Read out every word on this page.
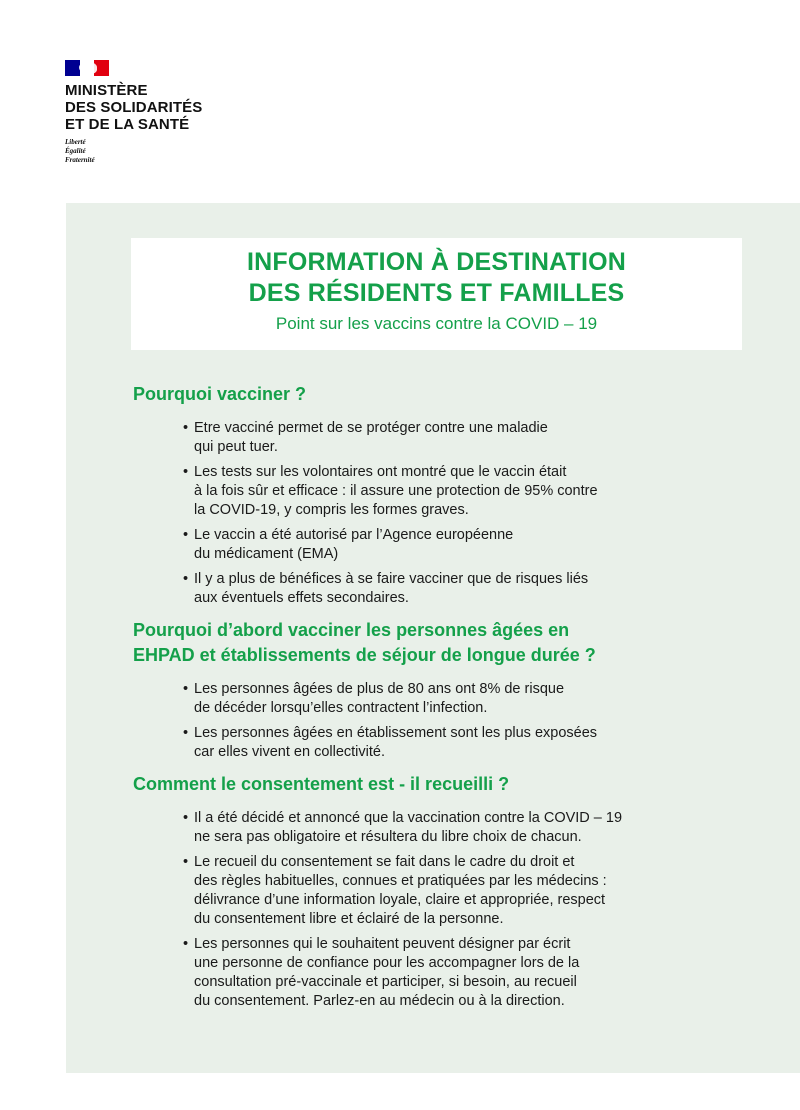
MINISTÈRE
DES SOLIDARITÉS
ET DE LA SANTÉ
Liberté
Égalité
Fraternité
INFORMATION À DESTINATION
DES RÉSIDENTS ET FAMILLES
Point sur les vaccins contre la COVID – 19
Pourquoi vacciner ?
• Etre vacciné permet de se protéger contre une maladie
qui peut tuer.
• Les tests sur les volontaires ont montré que le vaccin était
à la fois sûr et efficace : il assure une protection de 95% contre
la COVID-19, y compris les formes graves.
• Le vaccin a été autorisé par l’Agence européenne
du médicament (EMA)
• Il y a plus de bénéfices à se faire vacciner que de risques liés
aux éventuels effets secondaires.
Pourquoi d’abord vacciner les personnes âgées en
EHPAD et établissements de séjour de longue durée ?
• Les personnes âgées de plus de 80 ans ont 8% de risque
de décéder lorsqu’elles contractent l’infection.
• Les personnes âgées en établissement sont les plus exposées
car elles vivent en collectivité.
Comment le consentement est - il recueilli ?
• Il a été décidé et annoncé que la vaccination contre la COVID – 19
ne sera pas obligatoire et résultera du libre choix de chacun.
• Le recueil du consentement se fait dans le cadre du droit et
des règles habituelles, connues et pratiquées par les médecins :
délivrance d’une information loyale, claire et appropriée, respect
du consentement libre et éclairé de la personne.
• Les personnes qui le souhaitent peuvent désigner par écrit
une personne de confiance pour les accompagner lors de la
consultation pré-vaccinale et participer, si besoin, au recueil
du consentement. Parlez-en au médecin ou à la direction.
